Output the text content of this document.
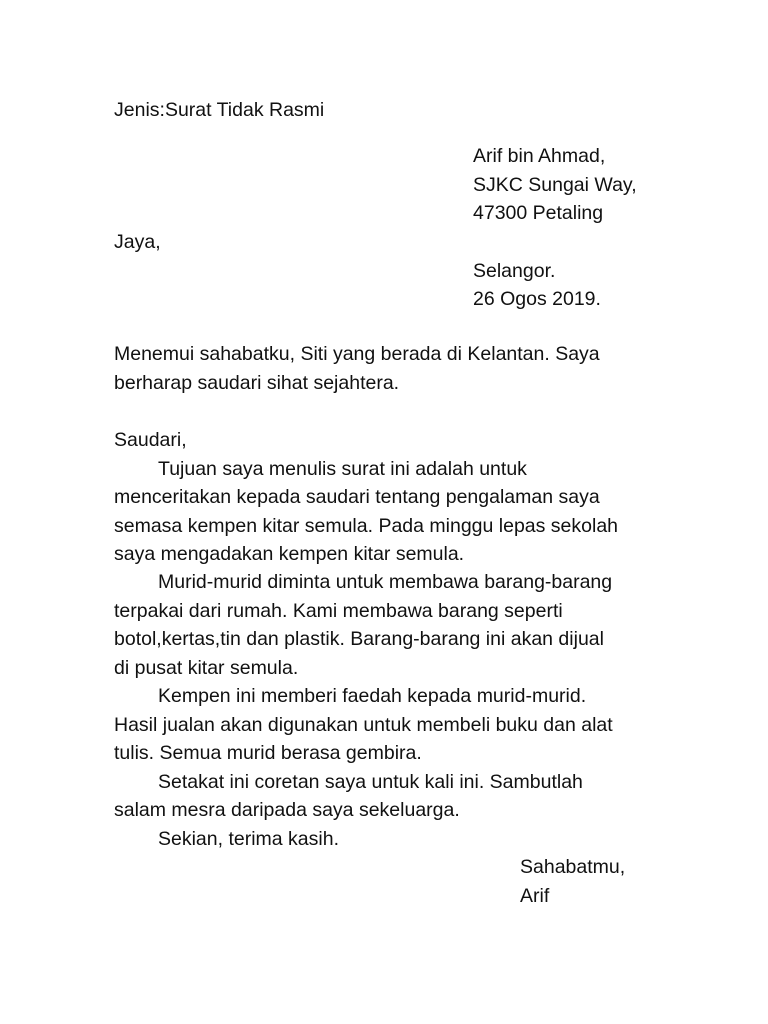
Jenis:Surat Tidak Rasmi

Arif bin Ahmad,

SJKC Sungai Way,

47300 Petaling

Jaya,

Selangor.

26 Ogos 2019.

Menemui sahabatku, Siti yang berada di Kelantan. Saya

berharap saudari sihat sejahtera.

Saudari,

Tujuan saya menulis surat ini adalah untuk

menceritakan kepada saudari tentang pengalaman saya

semasa kempen kitar semula. Pada minggu lepas sekolah

saya mengadakan kempen kitar semula.

Murid-murid diminta untuk membawa barang-barang

terpakai dari rumah. Kami membawa barang seperti

botol,kertas,tin dan plastik. Barang-barang ini akan dijual

di pusat kitar semula.

Kempen ini memberi faedah kepada murid-murid.

Hasil jualan akan digunakan untuk membeli buku dan alat

tulis. Semua murid berasa gembira.

Setakat ini coretan saya untuk kali ini. Sambutlah

salam mesra daripada saya sekeluarga.

Sekian, terima kasih.

Sahabatmu,

Arif
